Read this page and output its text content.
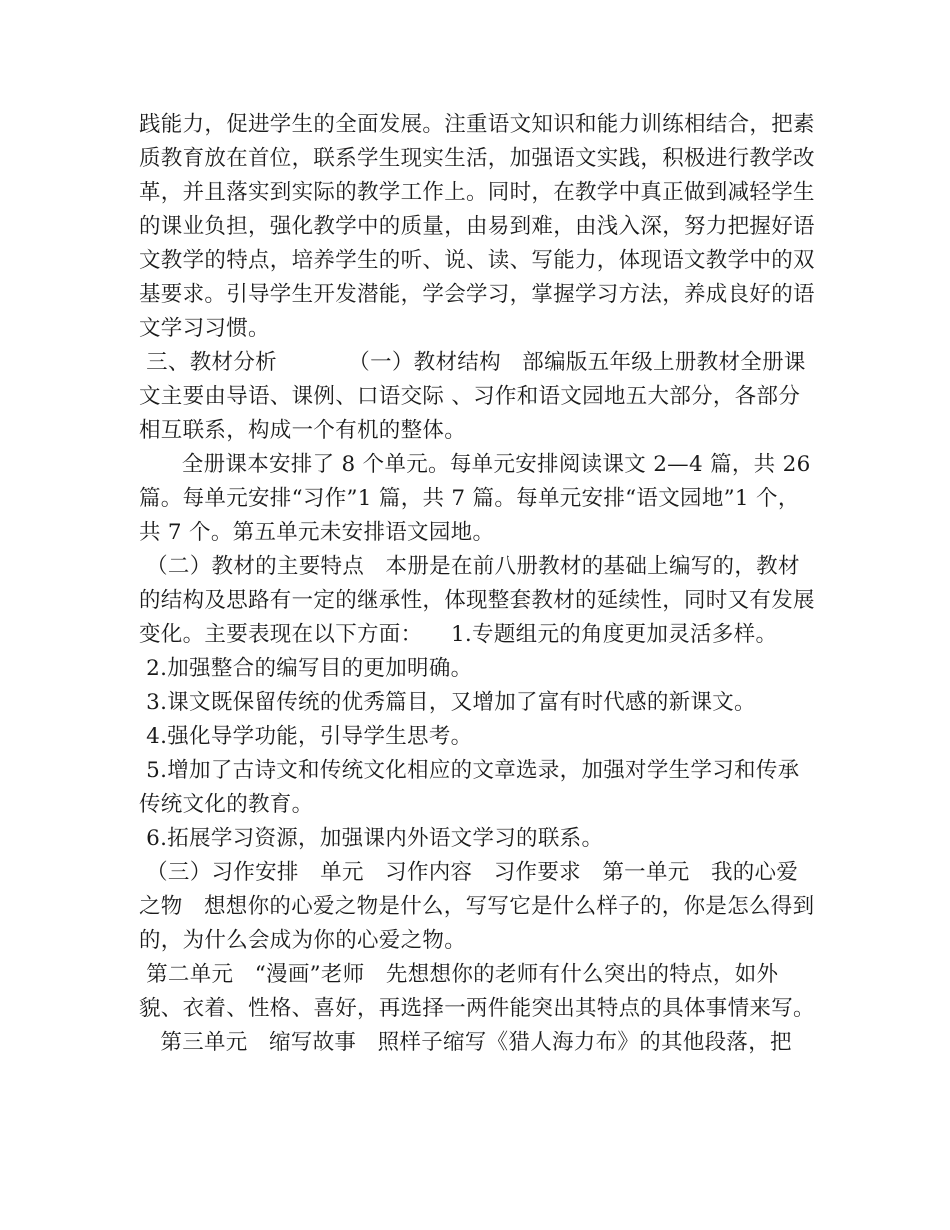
践能力，促进学生的全面发展。注重语文知识和能力训练相结合，把素
质教育放在首位，联系学生现实生活，加强语文实践，积极进行教学改
革，并且落实到实际的教学工作上。同时，在教学中真正做到减轻学生
的课业负担，强化教学中的质量，由易到难，由浅入深，努力把握好语
文教学的特点，培养学生的听、说、读、写能力，体现语文教学中的双
基要求。引导学生开发潜能，学会学习，掌握学习方法，养成良好的语
文学习习惯。
三、教材分析          （一）教材结构   部编版五年级上册教材全册课
文主要由导语、课例、口语交际 、习作和语文园地五大部分，各部分
相互联系，构成一个有机的整体。
全册课本安排了 8 个单元。每单元安排阅读课文 2—4 篇，共 26
篇。每单元安排“习作”1 篇，共 7 篇。每单元安排“语文园地”1 个，
共 7 个。第五单元未安排语文园地。
（二）教材的主要特点   本册是在前八册教材的基础上编写的，教材
的结构及思路有一定的继承性，体现整套教材的延续性，同时又有发展
变化。主要表现在以下方面：    1.专题组元的角度更加灵活多样。
2.加强整合的编写目的更加明确。
3.课文既保留传统的优秀篇目，又增加了富有时代感的新课文。
4.强化导学功能，引导学生思考。
5.增加了古诗文和传统文化相应的文章选录，加强对学生学习和传承
传统文化的教育。
6.拓展学习资源，加强课内外语文学习的联系。
（三）习作安排   单元   习作内容   习作要求   第一单元   我的心爱
之物   想想你的心爱之物是什么，写写它是什么样子的，你是怎么得到
的，为什么会成为你的心爱之物。
第二单元   “漫画”老师   先想想你的老师有什么突出的特点，如外
貌、衣着、性格、喜好，再选择一两件能突出其特点的具体事情来写。
第三单元   缩写故事   照样子缩写《猎人海力布》的其他段落，把
